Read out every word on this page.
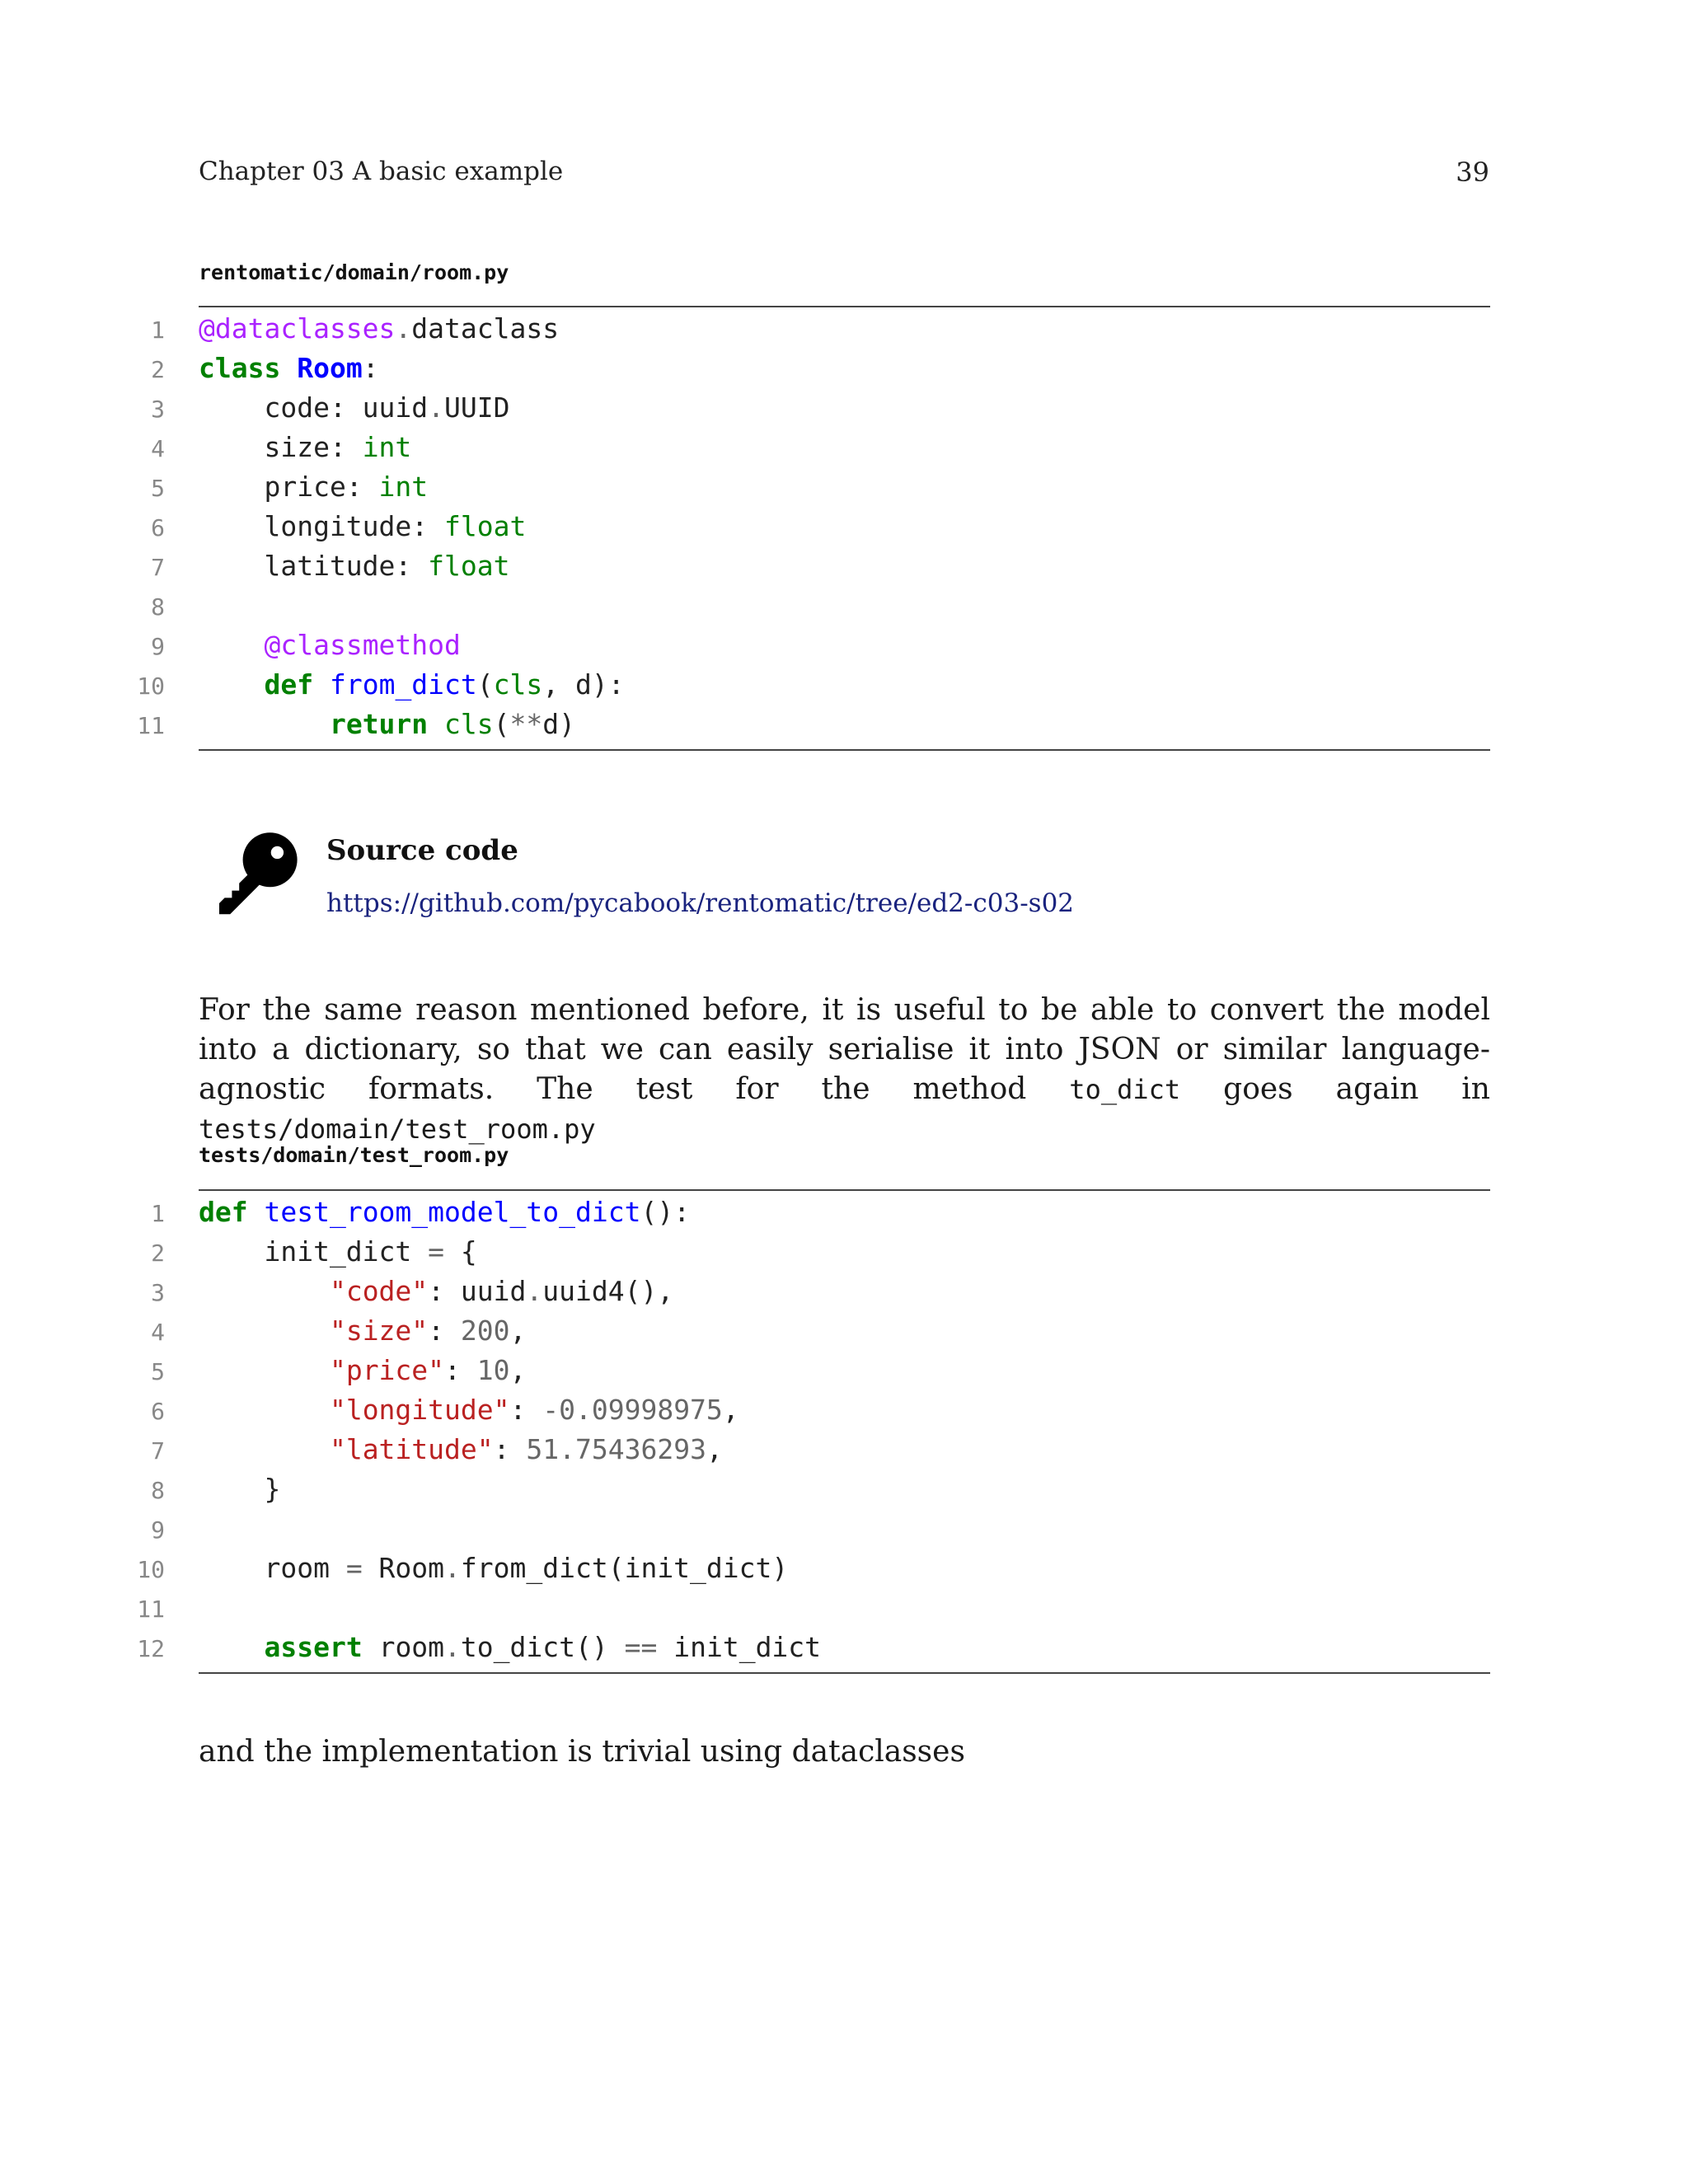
Chapter 03 A basic example	39
rentomatic/domain/room.py
1 @dataclasses.dataclass
2 class Room:
3 code: uuid.UUID
4 size: int
5 price: int
6 longitude: float
7 latitude: float
8
9	@classmethod
10	def from_dict(cls, d):
11	return cls(**d)
Source code
https://github.com/pycabook/rentomatic/tree/ed2-c03-s02
For the same reason mentioned before, it is useful to be able to convert the model into a dictionary, so that we can easily serialise it into JSON or similar language-agnostic formats. The test for the method to_dict goes again in tests/domain/test_room.py
tests/domain/test_room.py
1 def test_room_model_to_dict():
2 init_dict = {
3	"code": uuid.uuid4(),
4	"size": 200,
5	"price": 10,
6	"longitude": -0.09998975,
7	"latitude": 51.75436293,
8 }
9
10 room = Room.from_dict(init_dict)
11
12	assert room.to_dict() == init_dict
and the implementation is trivial using dataclasses
